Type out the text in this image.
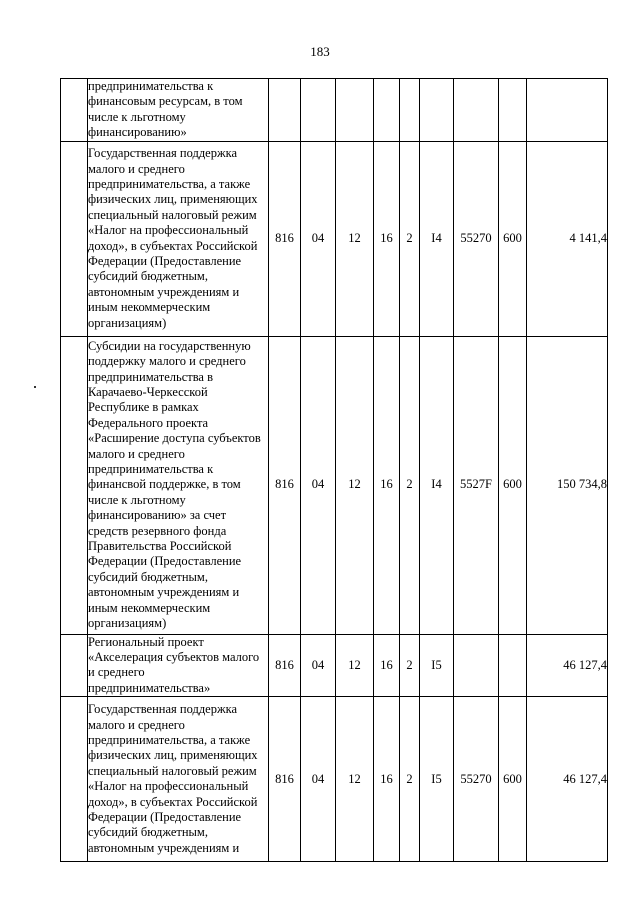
183
	предпринимательства к финансовым ресурсам, в том числе к льготному финансированию»									
	Государственная поддержка малого и среднего предпринимательства, а также физических лиц, применяющих специальный налоговый режим «Налог на профессиональный доход», в субъектах Российской Федерации (Предоставление субсидий бюджетным, автономным учреждениям и иным некоммерческим организациям)	816	04	12	16	2	I4	55270	600	4 141,4
	Субсидии на государственную поддержку малого и среднего предпринимательства в Карачаево-Черкесской Республике в рамках Федерального проекта «Расширение доступа субъектов малого и среднего предпринимательства к финансвой поддержке, в том числе к льготному финансированию» за счет средств резервного фонда Правительства Российской Федерации (Предоставление субсидий бюджетным, автономным учреждениям и иным некоммерческим организациям)	816	04	12	16	2	I4	5527F	600	150 734,8
	Региональный проект «Акселерация субъектов малого и среднего предпринимательства»	816	04	12	16	2	I5			46 127,4
	Государственная поддержка малого и среднего предпринимательства, а также физических лиц, применяющих специальный налоговый режим «Налог на профессиональный доход», в субъектах Российской Федерации (Предоставление субсидий бюджетным, автономным учреждениям и	816	04	12	16	2	I5	55270	600	46 127,4
